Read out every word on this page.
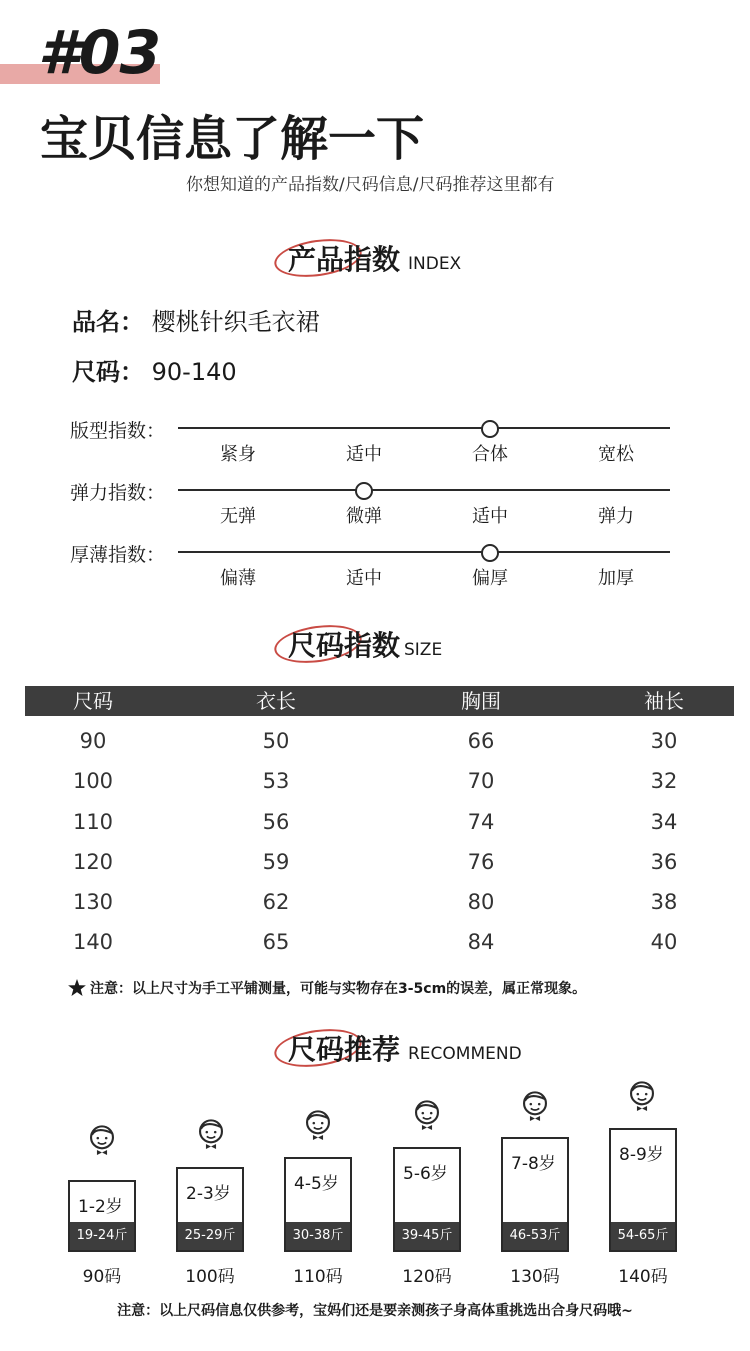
#03
宝贝信息了解一下
你想知道的产品指数/尺码信息/尺码推荐这里都有
产品指数 INDEX
品名： 樱桃针织毛衣裙
尺码： 90-140
版型指数：
紧身	适中	合体	宽松
弹力指数：
无弹	微弹	适中	弹力
厚薄指数：
偏薄	适中	偏厚	加厚
尺码指数 SIZE
尺码	衣长	胸围	袖长
90	50	66	30
100	53	70	32
110	56	74	34
120	59	76	36
130	62	80	38
140	65	84	40
注意：以上尺寸为手工平铺测量，可能与实物存在3-5cm的误差，属正常现象。
尺码推荐 RECOMMEND
1-2岁
19-24斤
90码
2-3岁
25-29斤
100码
4-5岁
30-38斤
110码
5-6岁
39-45斤
120码
7-8岁
46-53斤
130码
8-9岁
54-65斤
140码
注意：以上尺码信息仅供参考，宝妈们还是要亲测孩子身高体重挑选出合身尺码哦~
